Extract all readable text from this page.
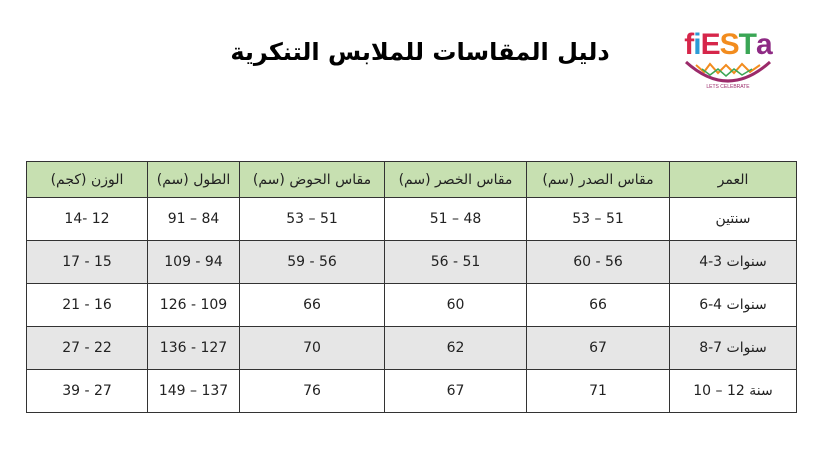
دليل المقاسات للملابس التنكرية	fiESTa
LETS CELEBRATE
الوزن (كجم)	الطول (سم)	مقاس الحوض (سم)	مقاس الخصر (سم)	مقاس الصدر (سم)	العمر
14- 12	91 – 84	53 – 51	51 – 48	53 – 51	سنتين
17 - 15	109 - 94	59 - 56	56 - 51	60 - 56	4-3 سنوات
21 - 16	126 - 109	66	60	66	6-4 سنوات
27 - 22	136 - 127	70	62	67	8-7 سنوات
39 - 27	149 – 137	76	67	71	10 – 12 سنة
